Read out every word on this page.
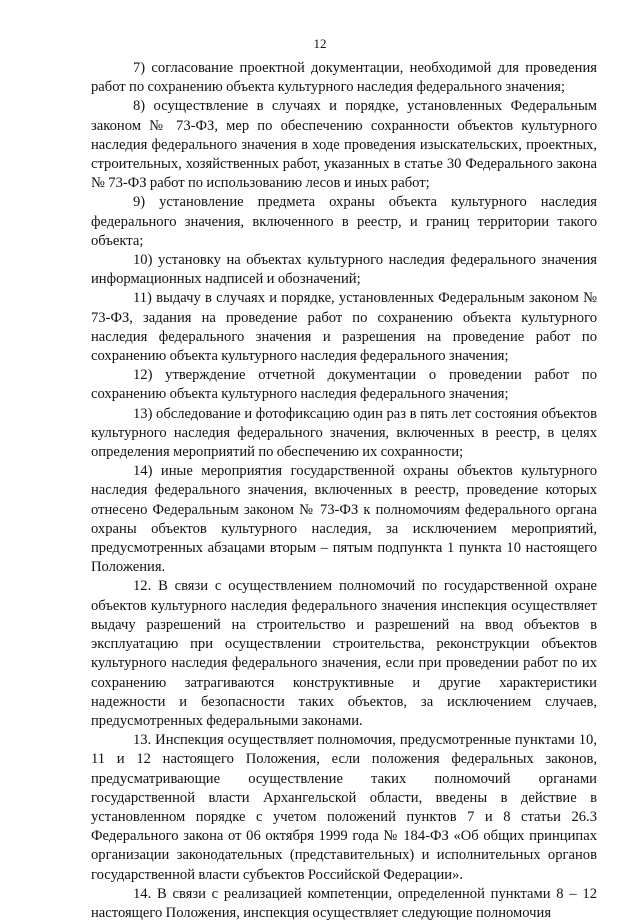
12

7) согласование проектной документации, необходимой для проведения работ по сохранению объекта культурного наследия федерального значения;

8) осуществление в случаях и порядке, установленных Федеральным законом № 73-ФЗ, мер по обеспечению сохранности объектов культурного наследия федерального значения в ходе проведения изыскательских, проектных, строительных, хозяйственных работ, указанных в статье 30 Федерального закона № 73-ФЗ работ по использованию лесов и иных работ;

9) установление предмета охраны объекта культурного наследия федерального значения, включенного в реестр, и границ территории такого объекта;

10) установку на объектах культурного наследия федерального значения информационных надписей и обозначений;

11) выдачу в случаях и порядке, установленных Федеральным законом № 73-ФЗ, задания на проведение работ по сохранению объекта культурного наследия федерального значения и разрешения на проведение работ по сохранению объекта культурного наследия федерального значения;

12) утверждение отчетной документации о проведении работ по сохранению объекта культурного наследия федерального значения;

13) обследование и фотофиксацию один раз в пять лет состояния объектов культурного наследия федерального значения, включенных в реестр, в целях определения мероприятий по обеспечению их сохранности;

14) иные мероприятия государственной охраны объектов культурного наследия федерального значения, включенных в реестр, проведение которых отнесено Федеральным законом № 73-ФЗ к полномочиям федерального органа охраны объектов культурного наследия, за исключением мероприятий, предусмотренных абзацами вторым – пятым подпункта 1 пункта 10 настоящего Положения.

12. В связи с осуществлением полномочий по государственной охране объектов культурного наследия федерального значения инспекция осуществляет выдачу разрешений на строительство и разрешений на ввод объектов в эксплуатацию при осуществлении строительства, реконструкции объектов культурного наследия федерального значения, если при проведении работ по их сохранению затрагиваются конструктивные и другие характеристики надежности и безопасности таких объектов, за исключением случаев, предусмотренных федеральными законами.

13. Инспекция осуществляет полномочия, предусмотренные пунктами 10, 11 и 12 настоящего Положения, если положения федеральных законов, предусматривающие осуществление таких полномочий органами государственной власти Архангельской области, введены в действие в установленном порядке с учетом положений пунктов 7 и 8 статьи 26.3 Федерального закона от 06 октября 1999 года № 184-ФЗ «Об общих принципах организации законодательных (представительных) и исполнительных органов государственной власти субъектов Российской Федерации».

14. В связи с реализацией компетенции, определенной пунктами 8 – 12 настоящего Положения, инспекция осуществляет следующие полномочия
